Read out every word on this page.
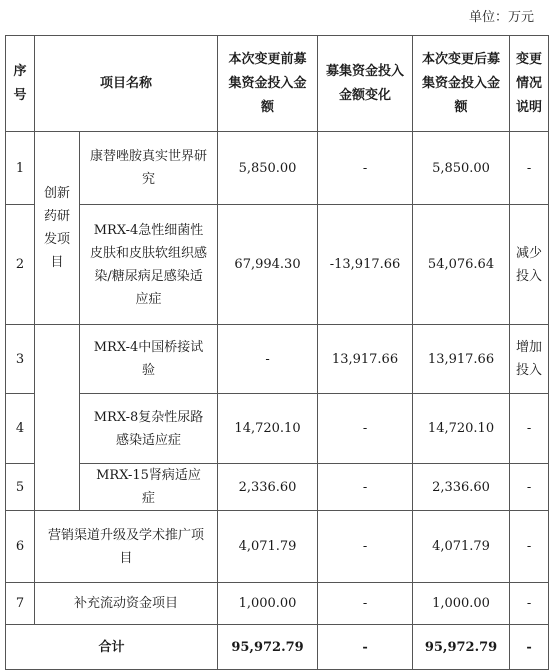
单位：万元
序号	项目名称		本次变更前募集资金投入金额	募集资金投入金额变化	本次变更后募集资金投入金额	变更情况说明
1	创新药研发项目	康替唑胺真实世界研究	5,850.00	-	5,850.00	-
2		MRX-4急性细菌性皮肤和皮肤软组织感染/糖尿病足感染适应症	67,994.30	-13,917.66	54,076.64	减少投入
3		MRX-4中国桥接试验	-	13,917.66	13,917.66	增加投入
4		MRX-8复杂性尿路感染适应症	14,720.10	-	14,720.10	-
5		MRX-15肾病适应症	2,336.60	-	2,336.60	-
6	营销渠道升级及学术推广项目		4,071.79	-	4,071.79	-
7	补充流动资金项目		1,000.00	-	1,000.00	-
合计			95,972.79	-	95,972.79	-
